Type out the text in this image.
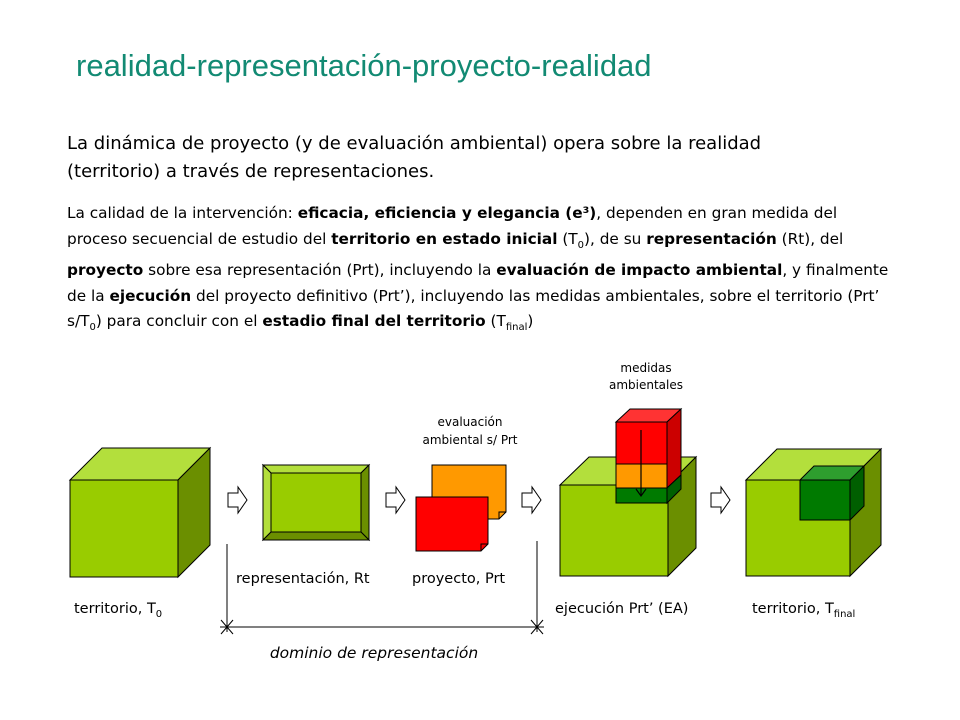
realidad-representación-proyecto-realidad
La dinámica de proyecto (y de evaluación ambiental) opera sobre la realidad (territorio) a través de representaciones.
La calidad de la intervención: eficacia, eficiencia y elegancia (e³), dependen en gran medida del proceso secuencial de estudio del territorio en estado inicial $(T_0)$, de su representación (Rt), del proyecto sobre esa representación (Prt), incluyendo la evaluación de impacto ambiental, y finalmente de la ejecución del proyecto definitivo (Prt’), incluyendo las medidas ambientales, sobre el territorio (Prt’ $s/T_0$) para concluir con el estadio final del territorio $(T_{final})$
medidas
ambientales
evaluación
ambiental s/ Prt
representación, Rt	proyecto, Prt
territorio, $T_0$	ejecución Prt’ (EA)	territorio, $T_{final}$
dominio de representación
